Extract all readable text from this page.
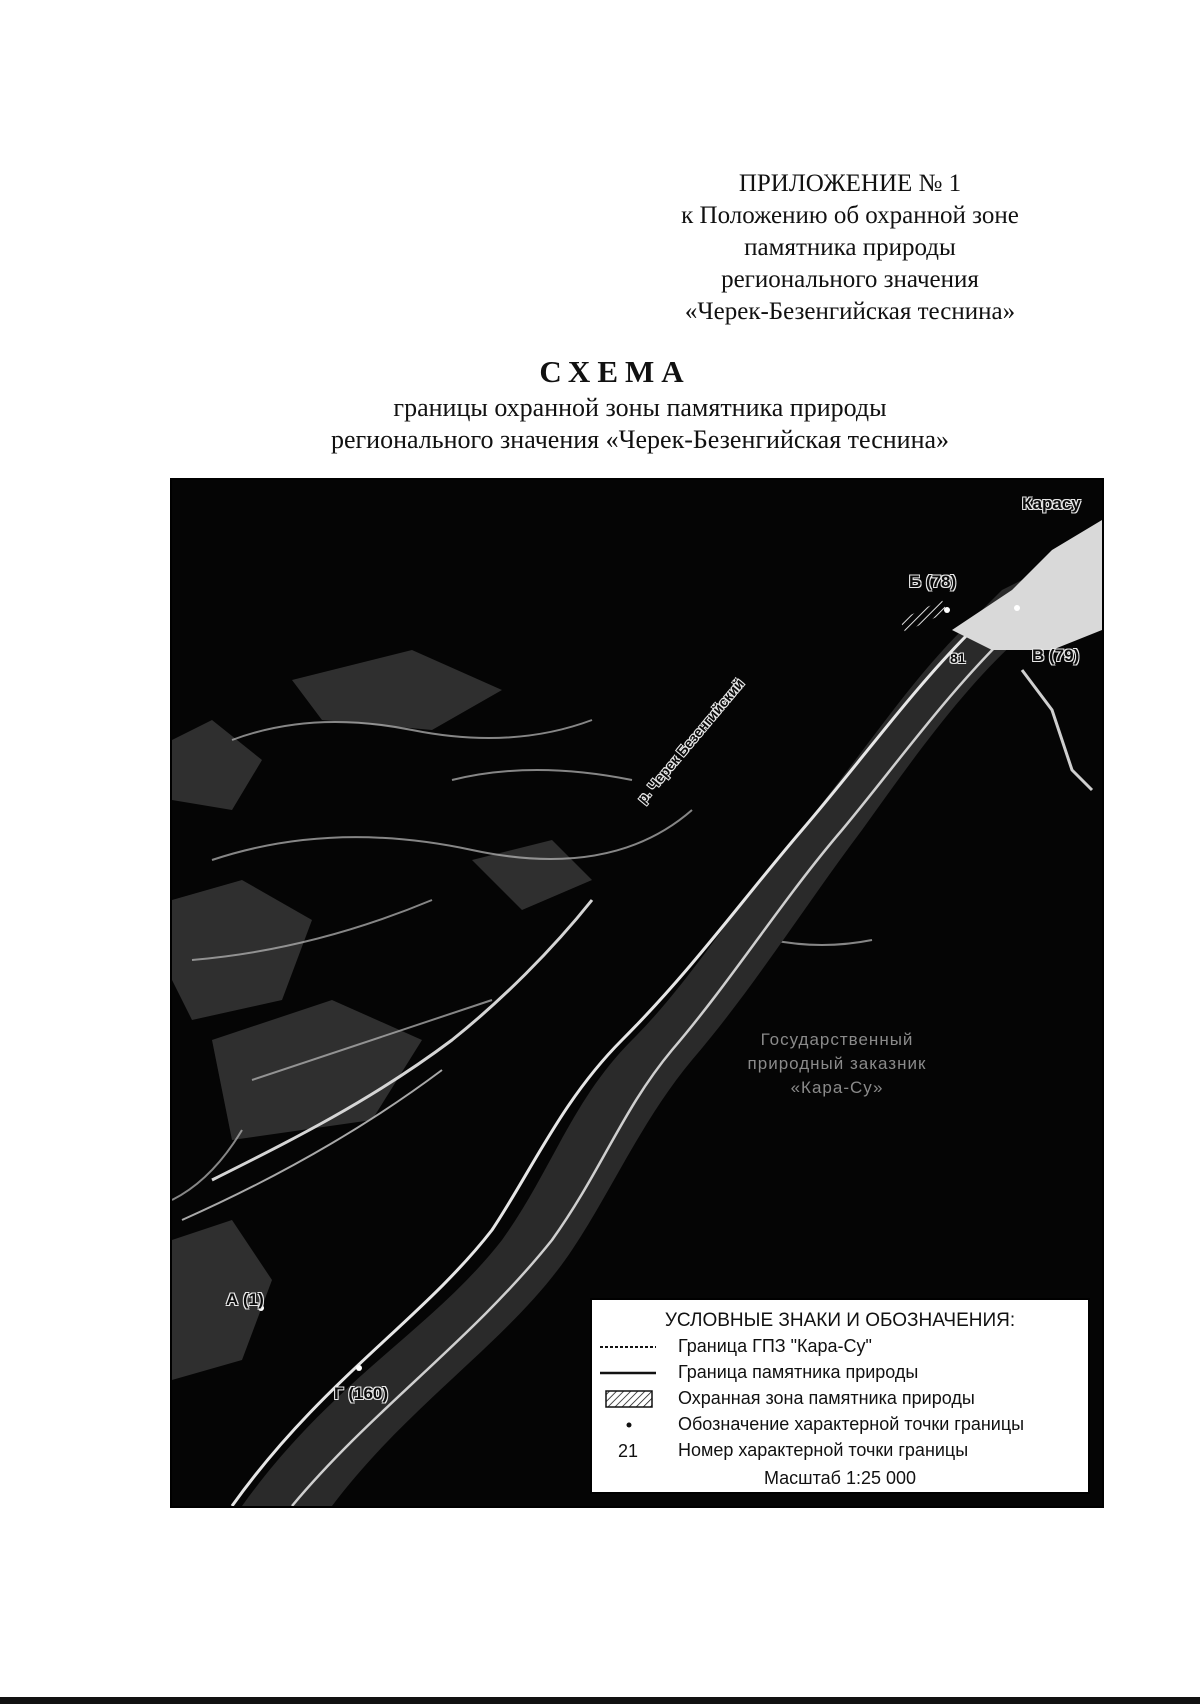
ПРИЛОЖЕНИЕ № 1
к Положению об охранной зоне
памятника природы
регионального значения
«Черек-Безенгийская теснина»
СХЕМА
границы охранной зоны памятника природы
регионального значения «Черек-Безенгийская теснина»
Карасу
Б (78)
В (79)
81
А (1)
Г (160)
р. Черек Безенгийский
Государственный
природный заказник
«Кара-Су»
УСЛОВНЫЕ ЗНАКИ И ОБОЗНАЧЕНИЯ:
Граница ГПЗ "Кара-Су"
Граница памятника природы
Охранная зона памятника природы
Обозначение характерной точки границы
21	Номер характерной точки границы
Масштаб 1:25 000
